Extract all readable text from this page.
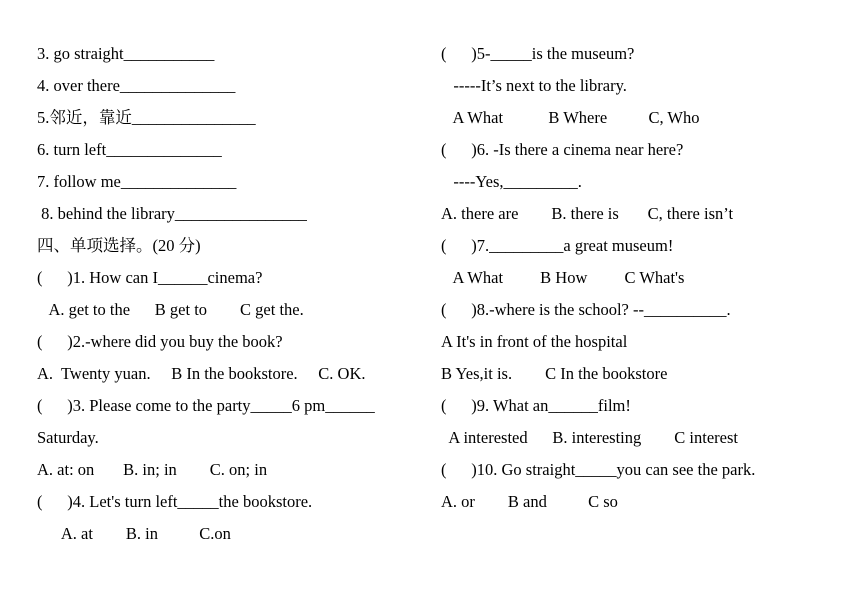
3. go straight___________
4. over there______________
5.邻近，靠近_______________
6. turn left______________
7. follow me______________
8. behind the library________________
四、单项选择。(20 分)
(      )1. How can I______cinema?
A. get to the      B get to        C get the.
(      )2.-where did you buy the book?
A.  Twenty yuan.     B In the bookstore.     C. OK.
(      )3. Please come to the party_____6 pm______
Saturday.
A. at: on       B. in; in        C. on; in
(      )4. Let's turn left_____the bookstore.
A. at        B. in          C.on
(      )5-_____is the museum?
-----It’s next to the library.
A What           B Where          C, Who
(      )6. -Is there a cinema near here?
----Yes,_________.
A. there are        B. there is       C, there isn’t
(      )7._________a great museum!
A What         B How         C What's
(      )8.-where is the school? --__________.
A It's in front of the hospital
B Yes,it is.        C In the bookstore
(      )9. What an______film!
A interested      B. interesting        C interest
(      )10. Go straight_____you can see the park.
A. or        B and          C so
